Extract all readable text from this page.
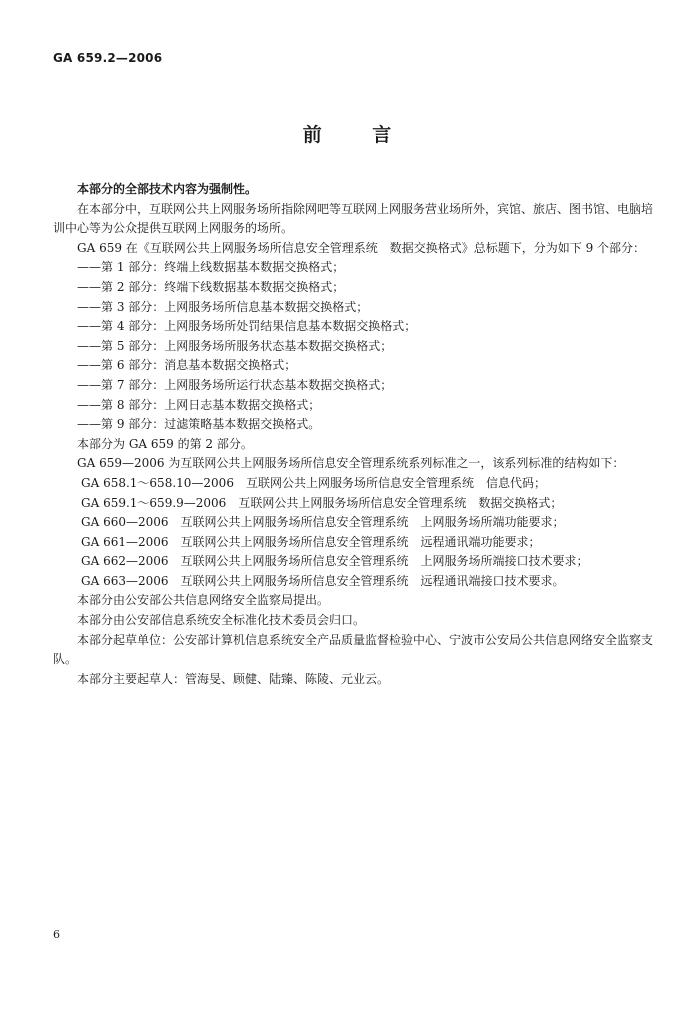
GA 659.2—2006
前 言

本部分的全部技术内容为强制性。

在本部分中，互联网公共上网服务场所指除网吧等互联网上网服务营业场所外，宾馆、旅店、图书馆、电脑培训中心等为公众提供互联网上网服务的场所。

GA 659 在《互联网公共上网服务场所信息安全管理系统　数据交换格式》总标题下，分为如下 9 个部分：

——第 1 部分：终端上线数据基本数据交换格式；

——第 2 部分：终端下线数据基本数据交换格式；

——第 3 部分：上网服务场所信息基本数据交换格式；

——第 4 部分：上网服务场所处罚结果信息基本数据交换格式；

——第 5 部分：上网服务场所服务状态基本数据交换格式；

——第 6 部分：消息基本数据交换格式；

——第 7 部分：上网服务场所运行状态基本数据交换格式；

——第 8 部分：上网日志基本数据交换格式；

——第 9 部分：过滤策略基本数据交换格式。

本部分为 GA 659 的第 2 部分。

GA 659—2006 为互联网公共上网服务场所信息安全管理系统系列标准之一，该系列标准的结构如下：

GA 658.1～658.10—2006　互联网公共上网服务场所信息安全管理系统　信息代码；

GA 659.1～659.9—2006　互联网公共上网服务场所信息安全管理系统　数据交换格式；

GA 660—2006　互联网公共上网服务场所信息安全管理系统　上网服务场所端功能要求；

GA 661—2006　互联网公共上网服务场所信息安全管理系统　远程通讯端功能要求；

GA 662—2006　互联网公共上网服务场所信息安全管理系统　上网服务场所端接口技术要求；

GA 663—2006　互联网公共上网服务场所信息安全管理系统　远程通讯端接口技术要求。

本部分由公安部公共信息网络安全监察局提出。

本部分由公安部信息系统安全标准化技术委员会归口。

本部分起草单位：公安部计算机信息系统安全产品质量监督检验中心、宁波市公安局公共信息网络安全监察支队。

本部分主要起草人：管海旻、顾健、陆臻、陈陵、元业云。

6
